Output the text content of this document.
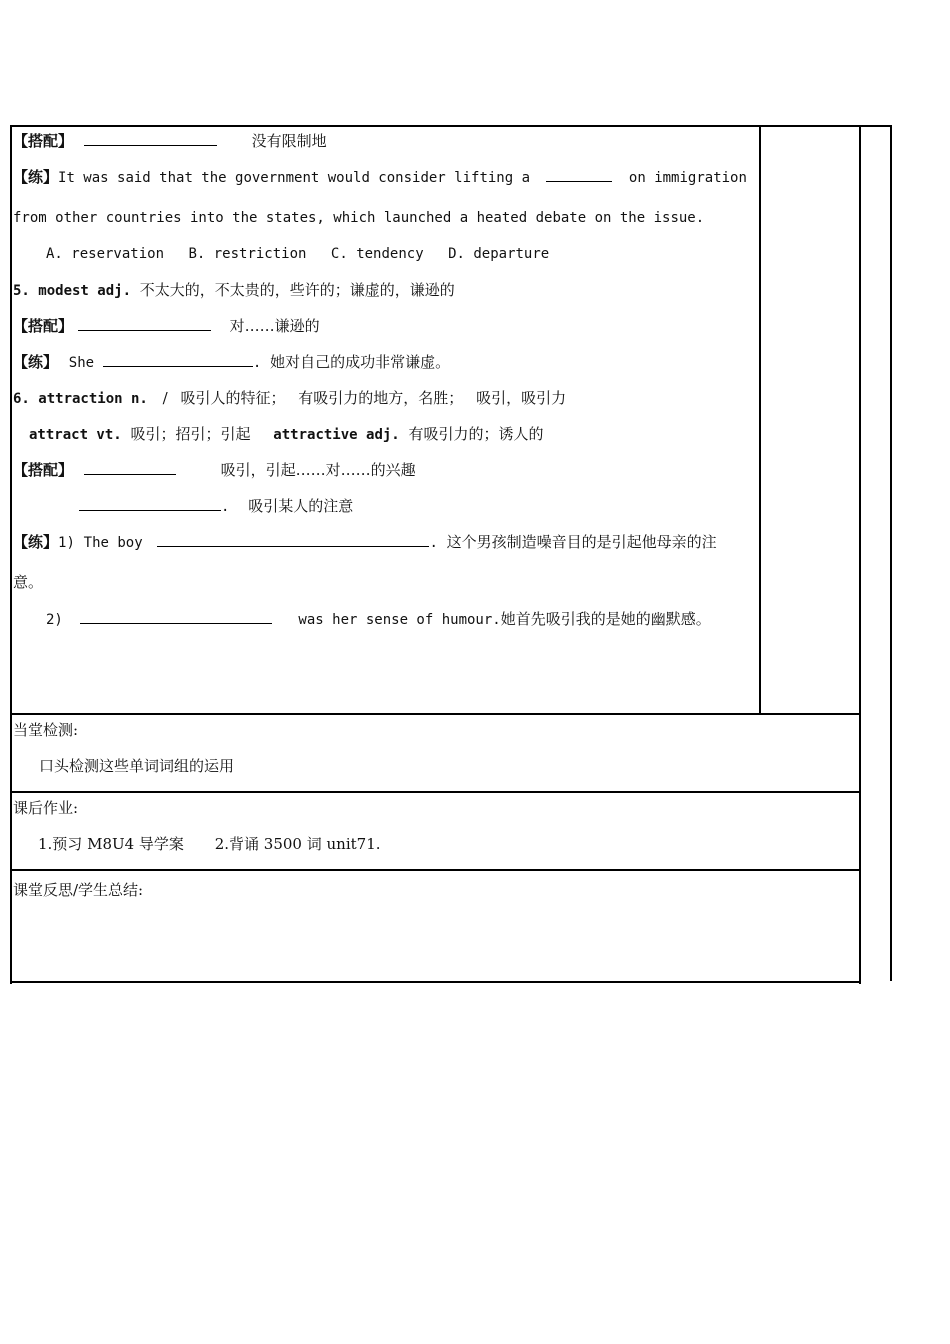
【搭配】	没有限制地
【练】It was said that the government would consider lifting a	on immigration
from other countries into the states, which launched a heated debate on the issue.
A. reservation B. restriction C. tendency D. departure
5. modest adj. 不太大的，不太贵的，些许的；谦虚的，谦逊的
【搭配】	对……谦逊的
【练】 She	. 她对自己的成功非常谦虚。
6. attraction n. / 吸引人的特征； 有吸引力的地方，名胜； 吸引，吸引力
attract vt. 吸引；招引；引起 attractive adj. 有吸引力的；诱人的
【搭配】	吸引，引起……对……的兴趣
. 吸引某人的注意
【练】1) The boy	. 这个男孩制造噪音目的是引起他母亲的注
意。
2)	was her sense of humour.她首先吸引我的是她的幽默感。
当堂检测:
口头检测这些单词词组的运用
课后作业:
1.预习 M8U4 导学案 2.背诵 3500 词 unit71.
课堂反思/学生总结:
